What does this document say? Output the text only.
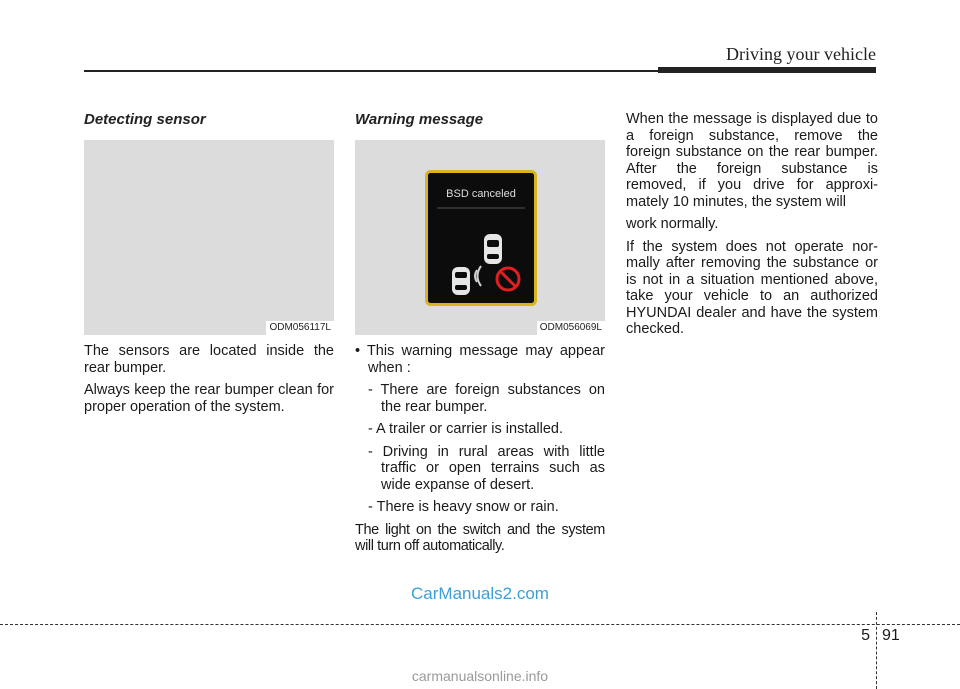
Driving your vehicle
Detecting sensor
ODM056117L

The sensors are located inside the rear bumper.

Always keep the rear bumper clean for proper operation of the system.

Warning message
BSD canceled
ODM056069L

• This warning message may appear when :

- There are foreign substances on the rear bumper.

- A trailer or carrier is installed.

- Driving in rural areas with little traffic or open terrains such as wide expanse of desert.

- There is heavy snow or rain.

The light on the switch and the system will turn off automatically.

When the message is displayed due to a foreign substance, remove the foreign substance on the rear bumper. After the foreign substance is removed, if you drive for approxi-mately 10 minutes, the system will

work normally.

If the system does not operate nor-mally after removing the substance or is not in a situation mentioned above, take your vehicle to an authorized HYUNDAI dealer and have the system checked.

CarManuals2.com
5 91
carmanualsonline.info
